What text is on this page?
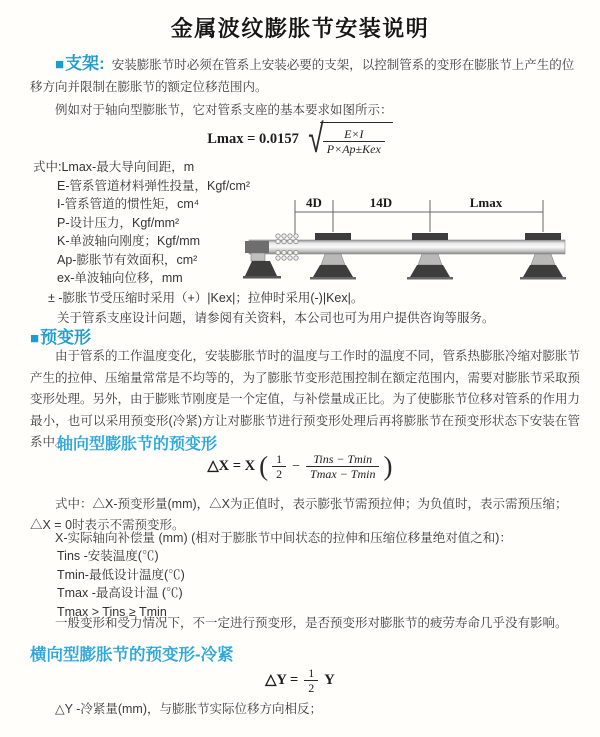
金属波纹膨胀节安装说明

■支架: 安装膨胀节时必须在管系上安装必要的支架，以控制管系的变形在膨胀节上产生的位移方向并限制在膨胀节的额定位移范围内。

例如对于轴向型膨胀节，它对管系支座的基本要求如图所示：

Lmax = 0.0157 √ $\frac{E\times I}{\text{P×Ap±Kex}}$
式中:Lmax-最大导向间距，m
E-管系管道材料弹性投量，Kgf/cm²
I-管系管道的惯性矩，cm⁴
P-设计压力，Kgf/mm²
K-单波轴向刚度；Kgf/mm
Ap-膨胀节有效面积，cm²
ex-单波轴向位移，mm

± -膨胀节受压缩时采用（+）|Kex|；拉伸时采用(-)|Kex|。

关于管系支座设计问题，请参阅有关资料，本公司也可为用户提供咨询等服务。

4D	14D	Lmax
■预变形

由于管系的工作温度变化，安装膨胀节时的温度与工作时的温度不同，管系热膨胀冷缩对膨胀节产生的拉伸、压缩量常常是不均等的，为了膨胀节变形范围控制在额定范围内，需要对膨胀节采取预变形处理。另外，由于膨账节刚度是一个定值，与补偿量成正比。为了使膨胀节位移对管系的作用力最小，也可以采用预变形(冷紧)方让对膨胀节进行预变形处理后再将膨胀节在预变形状态下安装在管系中。

轴向型膨胀节的预变形
△X = X ( $\frac{1}{2} - \frac{\text{Tins − Tmin}}{Tmax - Tmin}$ )

式中：△X-预变形量(mm)，△X为正值时，表示膨张节需预拉伸；为负值时，表示需预压缩；△X = 0时表示不需预变形。

X-实际轴向补偿量 (mm) (相对于膨胀节中间状态的拉伸和压缩位移量绝对值之和)：

Tins -安装温度(℃)
Tmin-最低设计温度(℃)
Tmax -最高设计温 (℃)
Tmax > Tins ≥ Tmin

一般变形和受力情况下，不一定进行预变形，是否预变形对膨胀节的疲劳寿命几乎没有影响。

横向型膨胀节的预变形-冷紧
△Y = $\frac{1}{2}$ Y

△Y -冷紧量(mm)，与膨胀节实际位移方向相反；
